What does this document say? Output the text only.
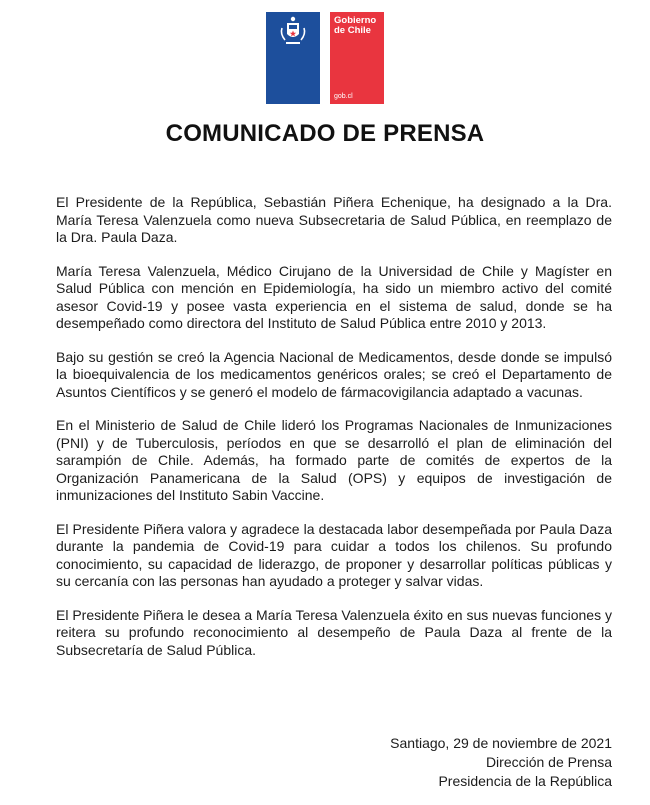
Gobierno
de Chile
gob.cl
COMUNICADO DE PRENSA

El Presidente de la República, Sebastián Piñera Echenique, ha designado a la Dra. María Teresa Valenzuela como nueva Subsecretaria de Salud Pública, en reemplazo de la Dra. Paula Daza.

María Teresa Valenzuela, Médico Cirujano de la Universidad de Chile y Magíster en Salud Pública con mención en Epidemiología, ha sido un miembro activo del comité asesor Covid-19 y posee vasta experiencia en el sistema de salud, donde se ha desempeñado como directora del Instituto de Salud Pública entre 2010 y 2013.

Bajo su gestión se creó la Agencia Nacional de Medicamentos, desde donde se impulsó la bioequivalencia de los medicamentos genéricos orales; se creó el Departamento de Asuntos Científicos y se generó el modelo de fármacovigilancia adaptado a vacunas.

En el Ministerio de Salud de Chile lideró los Programas Nacionales de Inmunizaciones (PNI) y de Tuberculosis, períodos en que se desarrolló el plan de eliminación del sarampión de Chile. Además, ha formado parte de comités de expertos de la Organización Panamericana de la Salud (OPS) y equipos de investigación de inmunizaciones del Instituto Sabin Vaccine.

El Presidente Piñera valora y agradece la destacada labor desempeñada por Paula Daza durante la pandemia de Covid-19 para cuidar a todos los chilenos. Su profundo conocimiento, su capacidad de liderazgo, de proponer y desarrollar políticas públicas y su cercanía con las personas han ayudado a proteger y salvar vidas.

El Presidente Piñera le desea a María Teresa Valenzuela éxito en sus nuevas funciones y reitera su profundo reconocimiento al desempeño de Paula Daza al frente de la Subsecretaría de Salud Pública.

Santiago, 29 de noviembre de 2021
Dirección de Prensa
Presidencia de la República
